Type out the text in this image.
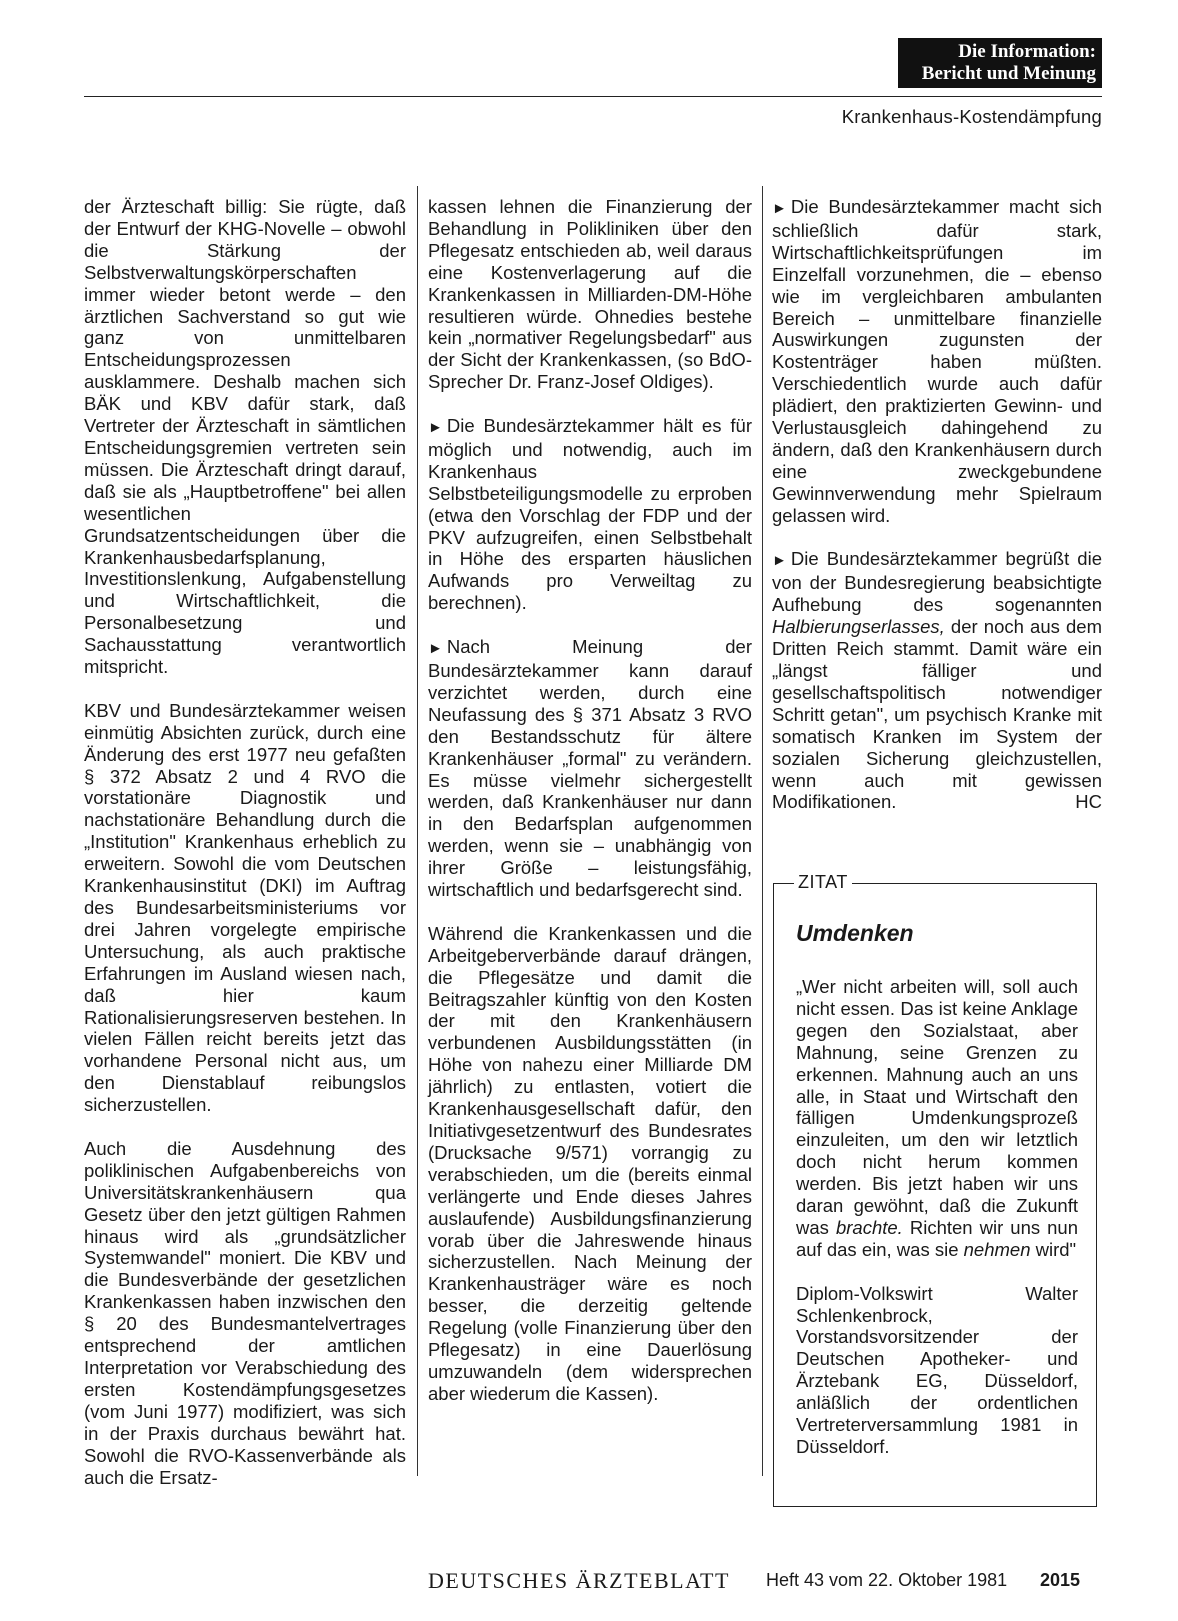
Die Information:
Bericht und Meinung
Krankenhaus-Kostendämpfung

der Ärzteschaft billig: Sie rügte, daß der Entwurf der KHG-Novelle – obwohl die Stärkung der Selbstverwaltungskörperschaften immer wieder betont werde – den ärztlichen Sachverstand so gut wie ganz von unmittelbaren Entscheidungsprozessen ausklammere. Deshalb machen sich BÄK und KBV dafür stark, daß Vertreter der Ärzteschaft in sämtlichen Entscheidungsgremien vertreten sein müssen. Die Ärzteschaft dringt darauf, daß sie als „Hauptbetroffene" bei allen wesentlichen Grundsatzentscheidungen über die Krankenhausbedarfsplanung, Investitionslenkung, Aufgabenstellung und Wirtschaftlichkeit, die Personalbesetzung und Sachausstattung verantwortlich mitspricht.

KBV und Bundesärztekammer weisen einmütig Absichten zurück, durch eine Änderung des erst 1977 neu gefaßten § 372 Absatz 2 und 4 RVO die vorstationäre Diagnostik und nachstationäre Behandlung durch die „Institution" Krankenhaus erheblich zu erweitern. Sowohl die vom Deutschen Krankenhausinstitut (DKI) im Auftrag des Bundesarbeitsministeriums vor drei Jahren vorgelegte empirische Untersuchung, als auch praktische Erfahrungen im Ausland wiesen nach, daß hier kaum Rationalisierungsreserven bestehen. In vielen Fällen reicht bereits jetzt das vorhandene Personal nicht aus, um den Dienstablauf reibungslos sicherzustellen.

Auch die Ausdehnung des poliklinischen Aufgabenbereichs von Universitätskrankenhäusern qua Gesetz über den jetzt gültigen Rahmen hinaus wird als „grundsätzlicher Systemwandel" moniert. Die KBV und die Bundesverbände der gesetzlichen Krankenkassen haben inzwischen den § 20 des Bundesmantelvertrages entsprechend der amtlichen Interpretation vor Verabschiedung des ersten Kostendämpfungsgesetzes (vom Juni 1977) modifiziert, was sich in der Praxis durchaus bewährt hat. Sowohl die RVO-Kassenverbände als auch die Ersatz-

kassen lehnen die Finanzierung der Behandlung in Polikliniken über den Pflegesatz entschieden ab, weil daraus eine Kostenverlagerung auf die Krankenkassen in Milliarden-DM-Höhe resultieren würde. Ohnedies bestehe kein „normativer Regelungsbedarf" aus der Sicht der Krankenkassen, (so BdO-Sprecher Dr. Franz-Josef Oldiges).

► Die Bundesärztekammer hält es für möglich und notwendig, auch im Krankenhaus Selbstbeteiligungsmodelle zu erproben (etwa den Vorschlag der FDP und der PKV aufzugreifen, einen Selbstbehalt in Höhe des ersparten häuslichen Aufwands pro Verweiltag zu berechnen).

► Nach Meinung der Bundesärztekammer kann darauf verzichtet werden, durch eine Neufassung des § 371 Absatz 3 RVO den Bestandsschutz für ältere Krankenhäuser „formal" zu verändern. Es müsse vielmehr sichergestellt werden, daß Krankenhäuser nur dann in den Bedarfsplan aufgenommen werden, wenn sie – unabhängig von ihrer Größe – leistungsfähig, wirtschaftlich und bedarfsgerecht sind.

Während die Krankenkassen und die Arbeitgeberverbände darauf drängen, die Pflegesätze und damit die Beitragszahler künftig von den Kosten der mit den Krankenhäusern verbundenen Ausbildungsstätten (in Höhe von nahezu einer Milliarde DM jährlich) zu entlasten, votiert die Krankenhausgesellschaft dafür, den Initiativgesetzentwurf des Bundesrates (Drucksache 9/571) vorrangig zu verabschieden, um die (bereits einmal verlängerte und Ende dieses Jahres auslaufende) Ausbildungsfinanzierung vorab über die Jahreswende hinaus sicherzustellen. Nach Meinung der Krankenhausträger wäre es noch besser, die derzeitig geltende Regelung (volle Finanzierung über den Pflegesatz) in eine Dauerlösung umzuwandeln (dem widersprechen aber wiederum die Kassen).

► Die Bundesärztekammer macht sich schließlich dafür stark, Wirtschaftlichkeitsprüfungen im Einzelfall vorzunehmen, die – ebenso wie im vergleichbaren ambulanten Bereich – unmittelbare finanzielle Auswirkungen zugunsten der Kostenträger haben müßten. Verschiedentlich wurde auch dafür plädiert, den praktizierten Gewinn- und Verlustausgleich dahingehend zu ändern, daß den Krankenhäusern durch eine zweckgebundene Gewinnverwendung mehr Spielraum gelassen wird.

► Die Bundesärztekammer begrüßt die von der Bundesregierung beabsichtigte Aufhebung des sogenannten Halbierungserlasses, der noch aus dem Dritten Reich stammt. Damit wäre ein „längst fälliger und gesellschaftspolitisch notwendiger Schritt getan", um psychisch Kranke mit somatisch Kranken im System der sozialen Sicherung gleichzustellen, wenn auch mit gewissen Modifikationen.	HC

ZITAT
Umdenken

„Wer nicht arbeiten will, soll auch nicht essen. Das ist keine Anklage gegen den Sozialstaat, aber Mahnung, seine Grenzen zu erkennen. Mahnung auch an uns alle, in Staat und Wirtschaft den fälligen Umdenkungsprozeß einzuleiten, um den wir letztlich doch nicht herum kommen werden. Bis jetzt haben wir uns daran gewöhnt, daß die Zukunft was brachte. Richten wir uns nun auf das ein, was sie nehmen wird"

Diplom-Volkswirt Walter Schlenkenbrock, Vorstandsvorsitzender der Deutschen Apotheker- und Ärztebank EG, Düsseldorf, anläßlich der ordentlichen Vertreterversammlung 1981 in Düsseldorf.

DEUTSCHES ÄRZTEBLATT Heft 43 vom 22. Oktober 1981 2015
